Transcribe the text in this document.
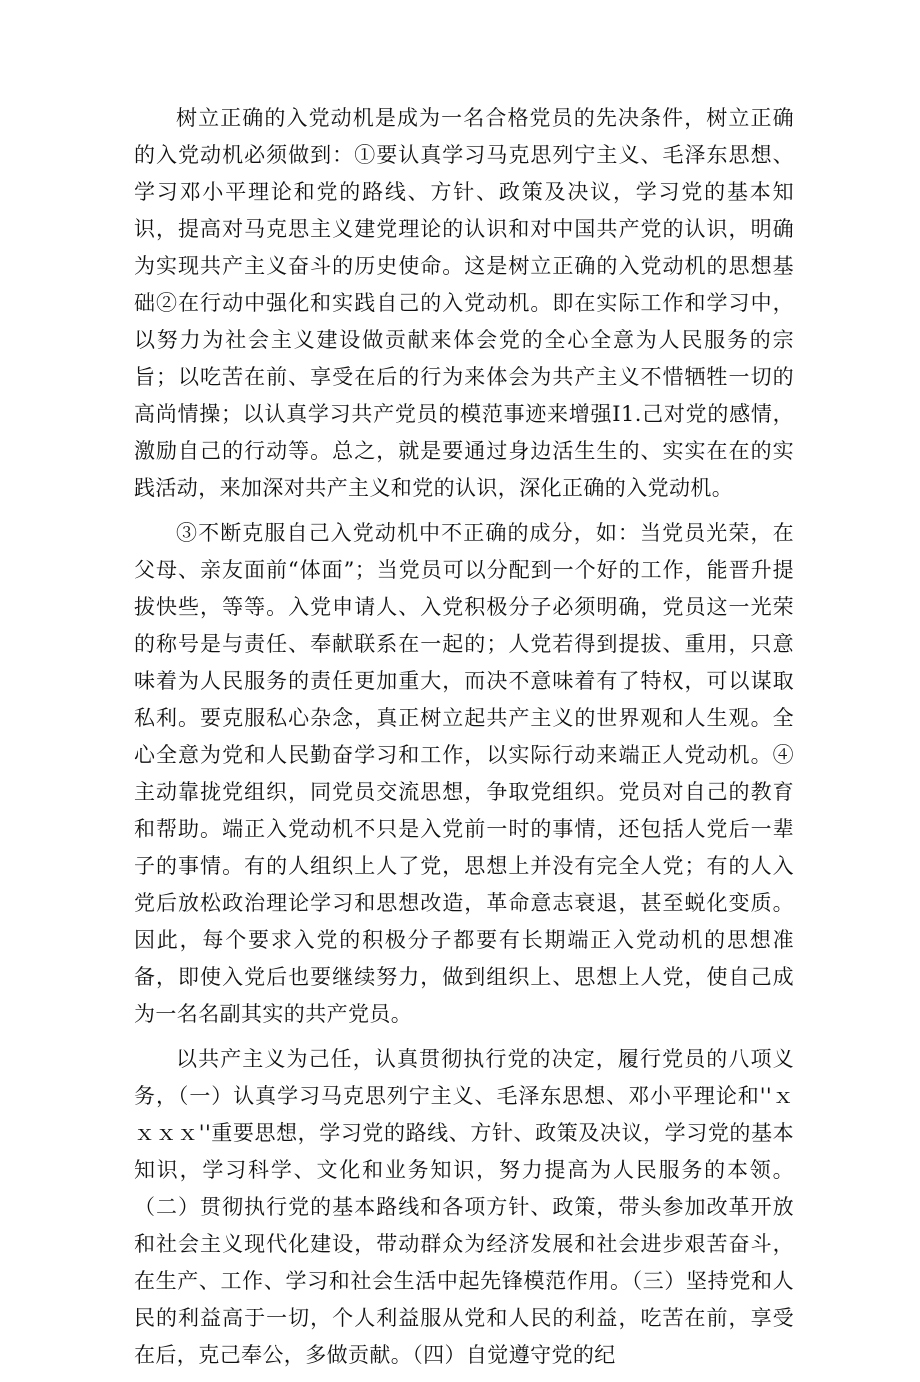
树立正确的入党动机是成为一名合格党员的先决条件，树立正确的入党动机必须做到：①要认真学习马克思列宁主义、毛泽东思想、学习邓小平理论和党的路线、方针、政策及决议，学习党的基本知识，提高对马克思主义建党理论的认识和对中国共产党的认识，明确为实现共产主义奋斗的历史使命。这是树立正确的入党动机的思想基础②在行动中强化和实践自己的入党动机。即在实际工作和学习中，以努力为社会主义建设做贡献来体会党的全心全意为人民服务的宗旨；以吃苦在前、享受在后的行为来体会为共产主义不惜牺牲一切的高尚情操；以认真学习共产党员的模范事迹来增强I1.己对党的感情，激励自己的行动等。总之，就是要通过身边活生生的、实实在在的实践活动，来加深对共产主义和党的认识，深化正确的入党动机。

③不断克服自己入党动机中不正确的成分，如：当党员光荣，在父母、亲友面前“体面”；当党员可以分配到一个好的工作，能晋升提拔快些，等等。入党申请人、入党积极分子必须明确，党员这一光荣的称号是与责任、奉献联系在一起的；人党若得到提拔、重用，只意味着为人民服务的责任更加重大，而决不意味着有了特权，可以谋取私利。要克服私心杂念，真正树立起共产主义的世界观和人生观。全心全意为党和人民勤奋学习和工作，以实际行动来端正人党动机。④主动靠拢党组织，同党员交流思想，争取党组织。党员对自己的教育和帮助。端正入党动机不只是入党前一时的事情，还包括人党后一辈子的事情。有的人组织上人了党，思想上并没有完全人党；有的人入党后放松政治理论学习和思想改造，革命意志衰退，甚至蜕化变质。因此，每个要求入党的积极分子都要有长期端正入党动机的思想准备，即使入党后也要继续努力，做到组织上、思想上人党，使自己成为一名名副其实的共产党员。

以共产主义为己任，认真贯彻执行党的决定，履行党员的八项义务，（一）认真学习马克思列宁主义、毛泽东思想、邓小平理论和''ｘｘｘｘ''重要思想，学习党的路线、方针、政策及决议，学习党的基本知识，学习科学、文化和业务知识，努力提高为人民服务的本领。（二）贯彻执行党的基本路线和各项方针、政策，带头参加改革开放和社会主义现代化建设，带动群众为经济发展和社会进步艰苦奋斗，在生产、工作、学习和社会生活中起先锋模范作用。（三）坚持党和人民的利益高于一切，个人利益服从党和人民的利益，吃苦在前，享受在后，克己奉公，多做贡献。（四）自觉遵守党的纪
